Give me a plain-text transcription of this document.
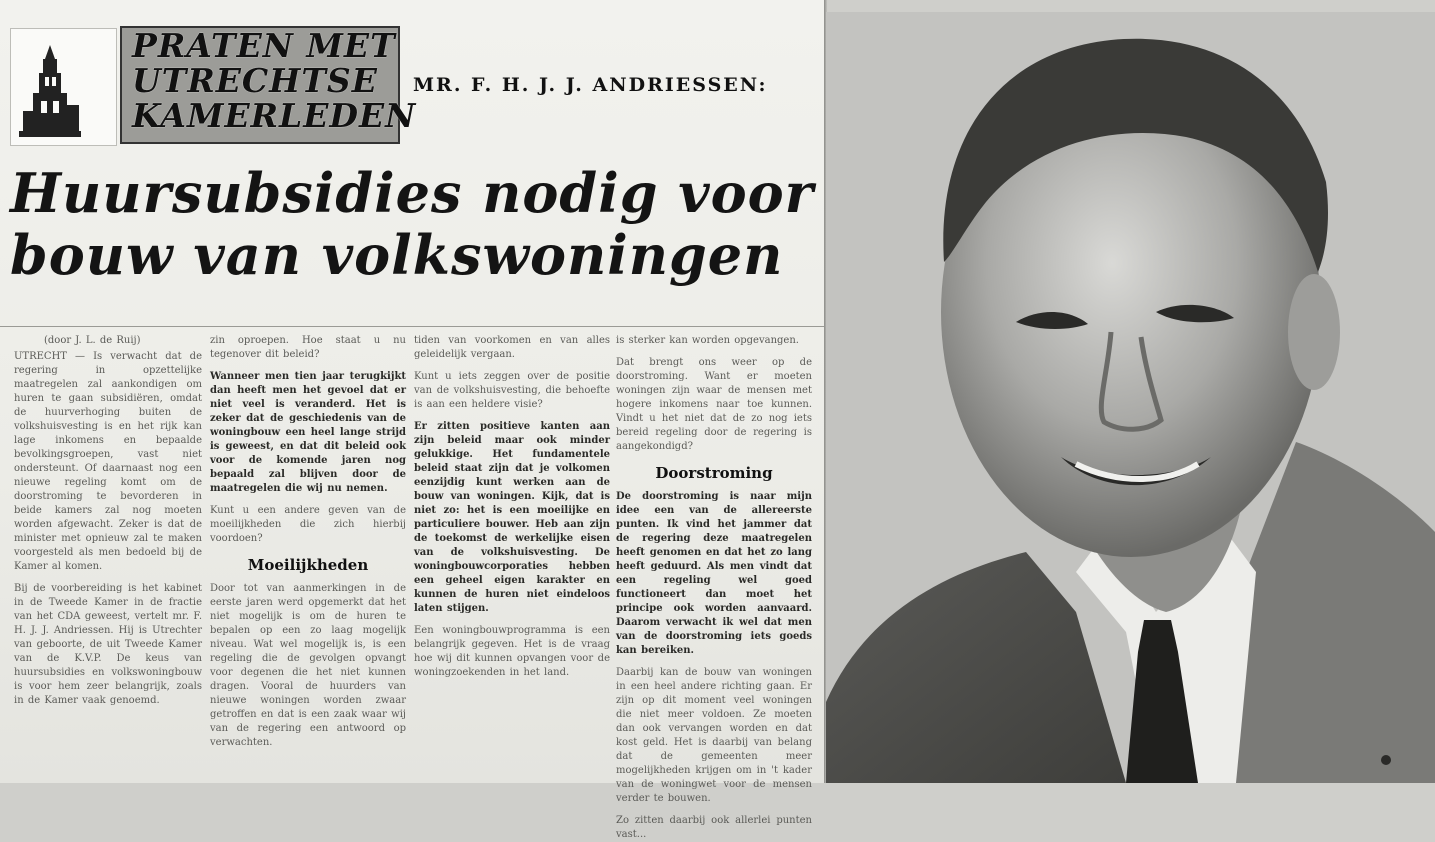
PRATEN MET
UTRECHTSE
KAMERLEDEN
MR. F. H. J. J. ANDRIESSEN:
Huursubsidies nodig voor
bouw van volkswoningen
(door J. L. de Ruij)
UTRECHT — Is verwacht dat de regering in opzettelijke maatregelen zal aankondigen om huren te gaan subsidiëren, omdat de huurverhoging buiten de volkshuisvesting is en het rijk kan lage inkomens en bepaalde bevolkingsgroepen, vast niet ondersteunt. Of daarnaast nog een nieuwe regeling komt om de doorstroming te bevorderen in beide kamers zal nog moeten worden afgewacht. Zeker is dat de minister met opnieuw zal te maken voorgesteld als men bedoeld bij de Kamer al komen.
Bij de voorbereiding is het kabinet in de Tweede Kamer in de fractie van het CDA geweest, vertelt mr. F. H. J. J. Andriessen. Hij is Utrechter van geboorte, de uit Tweede Kamer van de K.V.P. De keus van huursubsidies en volkswoningbouw is voor hem zeer belangrijk, zoals in de Kamer vaak genoemd.
zin oproepen. Hoe staat u nu tegenover dit beleid?
Wanneer men tien jaar terugkijkt dan heeft men het gevoel dat er niet veel is veranderd. Het is zeker dat de geschiedenis van de woningbouw een heel lange strijd is geweest, en dat dit beleid ook voor de komende jaren nog bepaald zal blijven door de maatregelen die wij nu nemen.
Kunt u een andere geven van de moeilijkheden die zich hierbij voordoen?
Moeilijkheden
Door tot van aanmerkingen in de eerste jaren werd opgemerkt dat het niet mogelijk is om de huren te bepalen op een zo laag mogelijk niveau. Wat wel mogelijk is, is een regeling die de gevolgen opvangt voor degenen die het niet kunnen dragen. Vooral de huurders van nieuwe woningen worden zwaar getroffen en dat is een zaak waar wij van de regering een antwoord op verwachten.
tiden van voorkomen en van alles geleidelijk vergaan.
Kunt u iets zeggen over de positie van de volkshuisvesting, die behoefte is aan een heldere visie?
Er zitten positieve kanten aan zijn beleid maar ook minder gelukkige. Het fundamentele beleid staat zijn dat je volkomen eenzijdig kunt werken aan de bouw van woningen. Kijk, dat is niet zo: het is een moeilijke en particuliere bouwer. Heb aan zijn de toekomst de werkelijke eisen van de volkshuisvesting. De woningbouwcorporaties hebben een geheel eigen karakter en kunnen de huren niet eindeloos laten stijgen.
Een woningbouwprogramma is een belangrijk gegeven. Het is de vraag hoe wij dit kunnen opvangen voor de woningzoekenden in het land.
is sterker kan worden opgevangen.
Dat brengt ons weer op de doorstroming. Want er moeten woningen zijn waar de mensen met hogere inkomens naar toe kunnen. Vindt u het niet dat de zo nog iets bereid regeling door de regering is aangekondigd?
Doorstroming
De doorstroming is naar mijn idee een van de allereerste punten. Ik vind het jammer dat de regering deze maatregelen heeft genomen en dat het zo lang heeft geduurd. Als men vindt dat een regeling wel goed functioneert dan moet het principe ook worden aanvaard. Daarom verwacht ik wel dat men van de doorstroming iets goeds kan bereiken.
Daarbij kan de bouw van woningen in een heel andere richting gaan. Er zijn op dit moment veel woningen die niet meer voldoen. Ze moeten dan ook vervangen worden en dat kost geld. Het is daarbij van belang dat de gemeenten meer mogelijkheden krijgen om in 't kader van de woningwet voor de mensen verder te bouwen.
Zo zitten daarbij ook allerlei punten vast...
